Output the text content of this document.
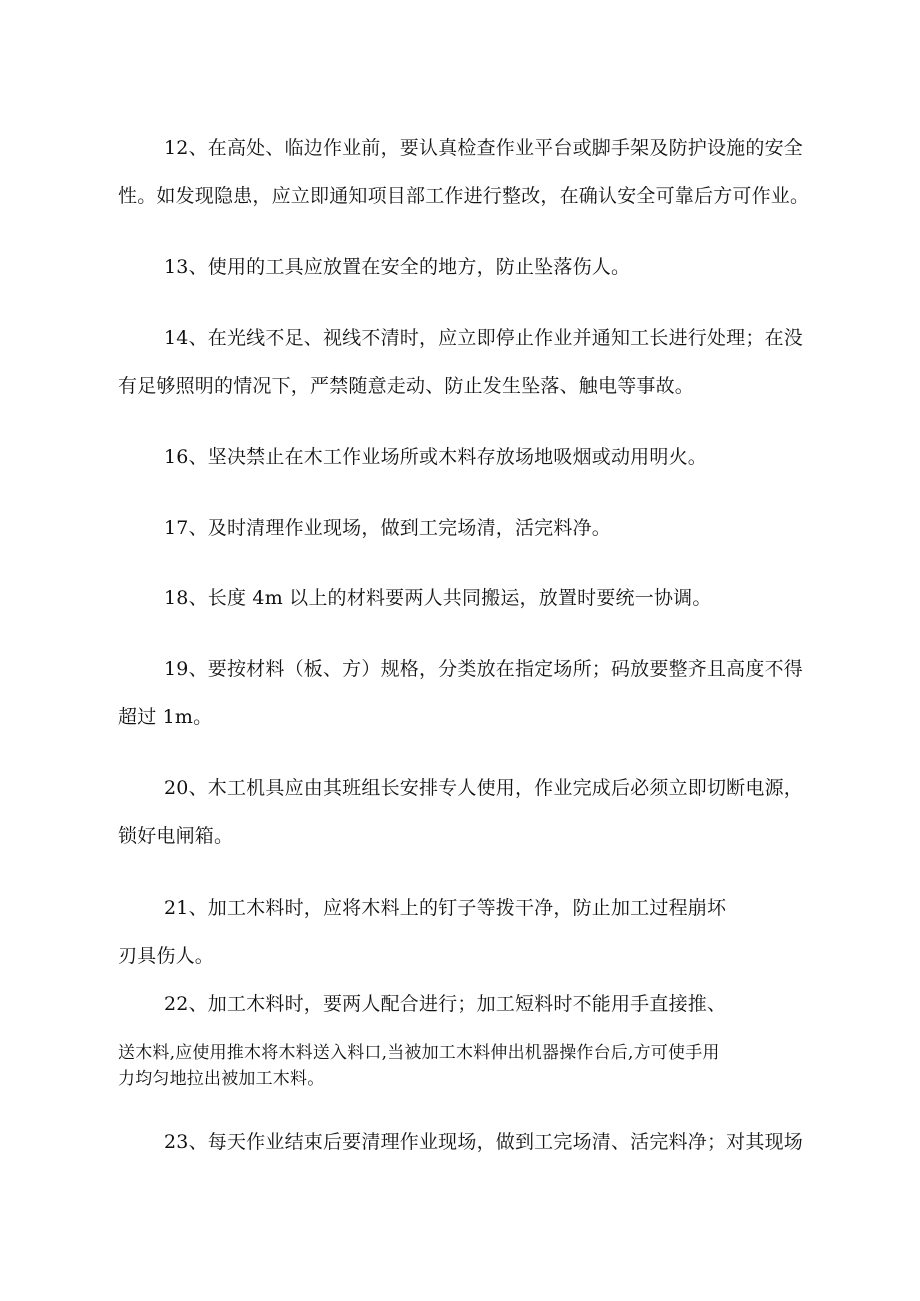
12、在高处、临边作业前，要认真检查作业平台或脚手架及防护设施的安全
性。如发现隐患，应立即通知项目部工作进行整改，在确认安全可靠后方可作业。
13、使用的工具应放置在安全的地方，防止坠落伤人。
14、在光线不足、视线不清时，应立即停止作业并通知工长进行处理；在没
有足够照明的情况下，严禁随意走动、防止发生坠落、触电等事故。
16、坚决禁止在木工作业场所或木料存放场地吸烟或动用明火。
17、及时清理作业现场，做到工完场清，活完料净。
18、长度 4m 以上的材料要两人共同搬运，放置时要统一协调。
19、要按材料（板、方）规格，分类放在指定场所；码放要整齐且高度不得
超过 1m。
20、木工机具应由其班组长安排专人使用，作业完成后必须立即切断电源，
锁好电闸箱。
21、加工木料时，应将木料上的钉子等拨干净，防止加工过程崩坏
刃具伤人。
22、加工木料时，要两人配合进行；加工短料时不能用手直接推、
送木料,应使用推木将木料送入料口,当被加工木料伸出机器操作台后,方可使手用
力均匀地拉出被加工木料。
23、每天作业结束后要清理作业现场，做到工完场清、活完料净；对其现场
